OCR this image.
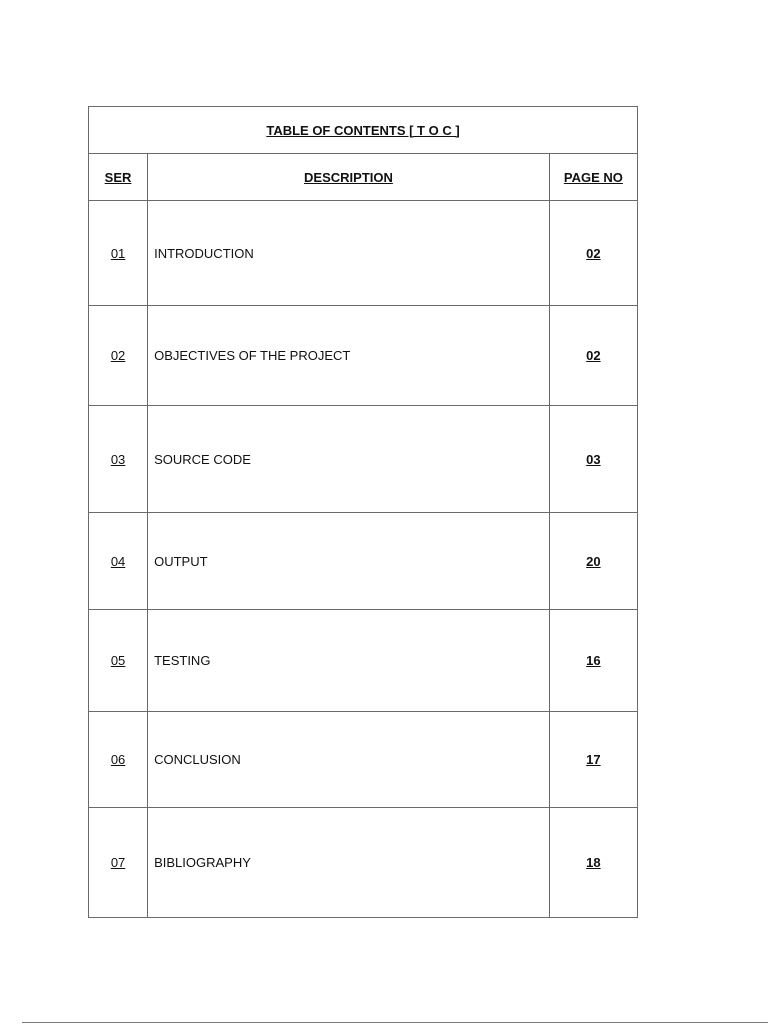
TABLE OF CONTENTS [ T O C ]		
SER	DESCRIPTION	PAGE NO
01	INTRODUCTION	02
02	OBJECTIVES OF THE PROJECT	02
03	SOURCE CODE	03
04	OUTPUT	20
05	TESTING	16
06	CONCLUSION	17
07	BIBLIOGRAPHY	18
